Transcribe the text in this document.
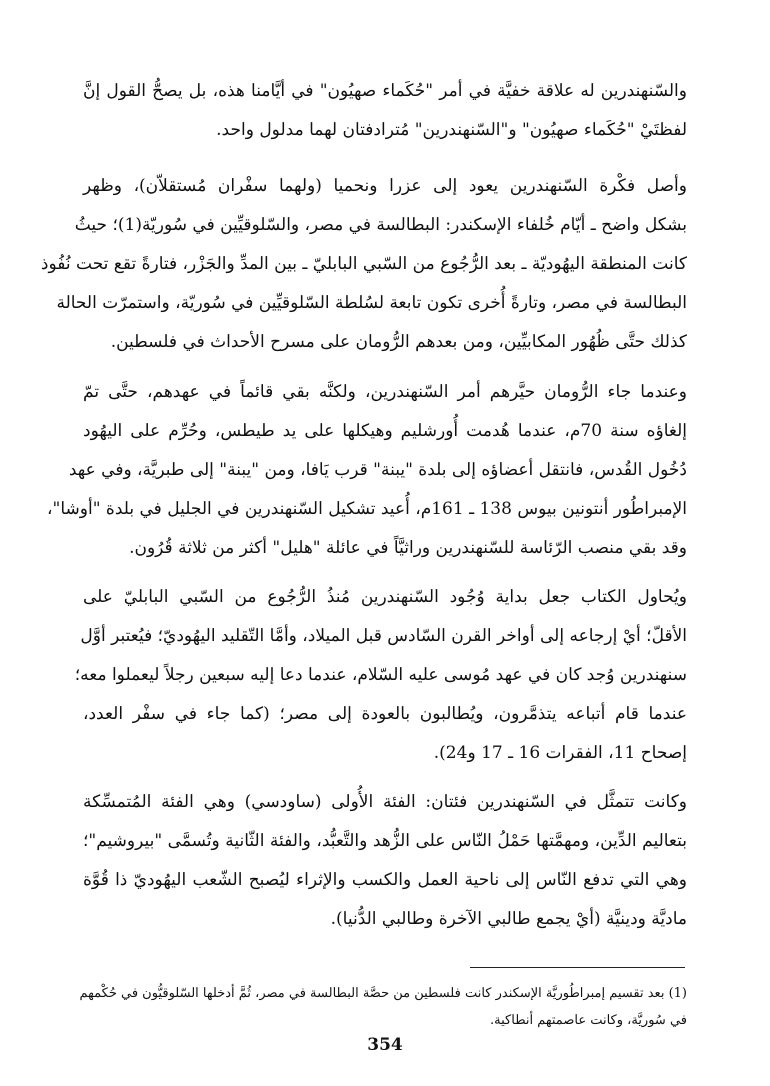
والسّنهندرين له علاقة خفيَّة في أمر "حُكَماء صهيُون" في أيَّامنا هذه، بل يصحُّ القول إنَّ
لفظتَيْ "حُكَماء صهيُون" و"السّنهندرين" مُترادفتان لهما مدلول واحد.
وأصل فكْرة السّنهندرين يعود إلى عزرا ونحميا (ولهما سفْران مُستقلاّن)، وظهر
بشكل واضح ـ أيّام خُلفاء الإسكندر: البطالسة في مصر، والسّلوقيِّين في سُوريّة(1)؛ حيثُ
كانت المنطقة اليهُوديّة ـ بعد الرُّجُوع من السّبي البابليّ ـ بين المدِّ والجَزْر، فتارةً تقع تحت نُفُوذ
البطالسة في مصر، وتارةً أُخرى تكون تابعة لسُلطة السّلوقيِّين في سُوريّة، واستمرّت الحالة
كذلك حتَّى ظُهُور المكابيِّين، ومن بعدهم الرُّومان على مسرح الأحداث في فلسطين.
وعندما جاء الرُّومان حيَّرهم أمر السّنهندرين، ولكنَّه بقي قائماً في عهدهم، حتَّى تمّ
إلغاؤه سنة 70م، عندما هُدمت أُورشليم وهيكلها على يد طيطس، وحُرِّم على اليهُود
دُخُول القُدس، فانتقل أعضاؤه إلى بلدة "يبنة" قرب يَافا، ومن "يبنة" إلى طبريَّة، وفي عهد
الإمبراطُور أنتونين بيوس 138 ـ 161م، أُعيد تشكيل السّنهندرين في الجليل في بلدة "أوشا"،
وقد بقي منصب الرّئاسة للسّنهندرين وراثيَّاً في عائلة "هليل" أكثر من ثلاثة قُرُون.
ويُحاول الكتاب جعل بداية وُجُود السّنهندرين مُنذُ الرُّجُوع من السّبي البابليّ على
الأقلّ؛ أيْ إرجاعه إلى أواخر القرن السّادس قبل الميلاد، وأمَّا التّقليد اليهُوديّ؛ فيُعتبر أوَّل
سنهندرين وُجد كان في عهد مُوسى عليه السّلام، عندما دعا إليه سبعين رجلاً ليعملوا معه؛
عندما قام أتباعه يتذمَّرون، ويُطالبون بالعودة إلى مصر؛ (كما جاء في سفْر العدد،
إصحاح 11، الفقرات 16 ـ 17 و24).
وكانت تتمثَّل في السّنهندرين فئتان: الفئة الأُولى (ساودسي) وهي الفئة المُتمسِّكة
بتعاليم الدِّين، ومهمَّتها حَمْلُ النّاس على الزُّهد والتَّعبُّد، والفئة الثّانية وتُسمَّى "بيروشيم"؛
وهي التي تدفع النّاس إلى ناحية العمل والكسب والإثراء ليُصبح الشّعب اليهُوديّ ذا قُوَّة
ماديَّة ودينيَّة (أيْ يجمع طالبي الآخرة وطالبي الدُّنيا).
(1) بعد تقسيم إمبراطُوريَّة الإسكندر كانت فلسطين من حصَّة البطالسة في مصر، ثُمَّ أدخلها السّلوقيُّون في حُكْمهم
في سُوريَّة، وكانت عاصمتهم أنطاكية.
354
